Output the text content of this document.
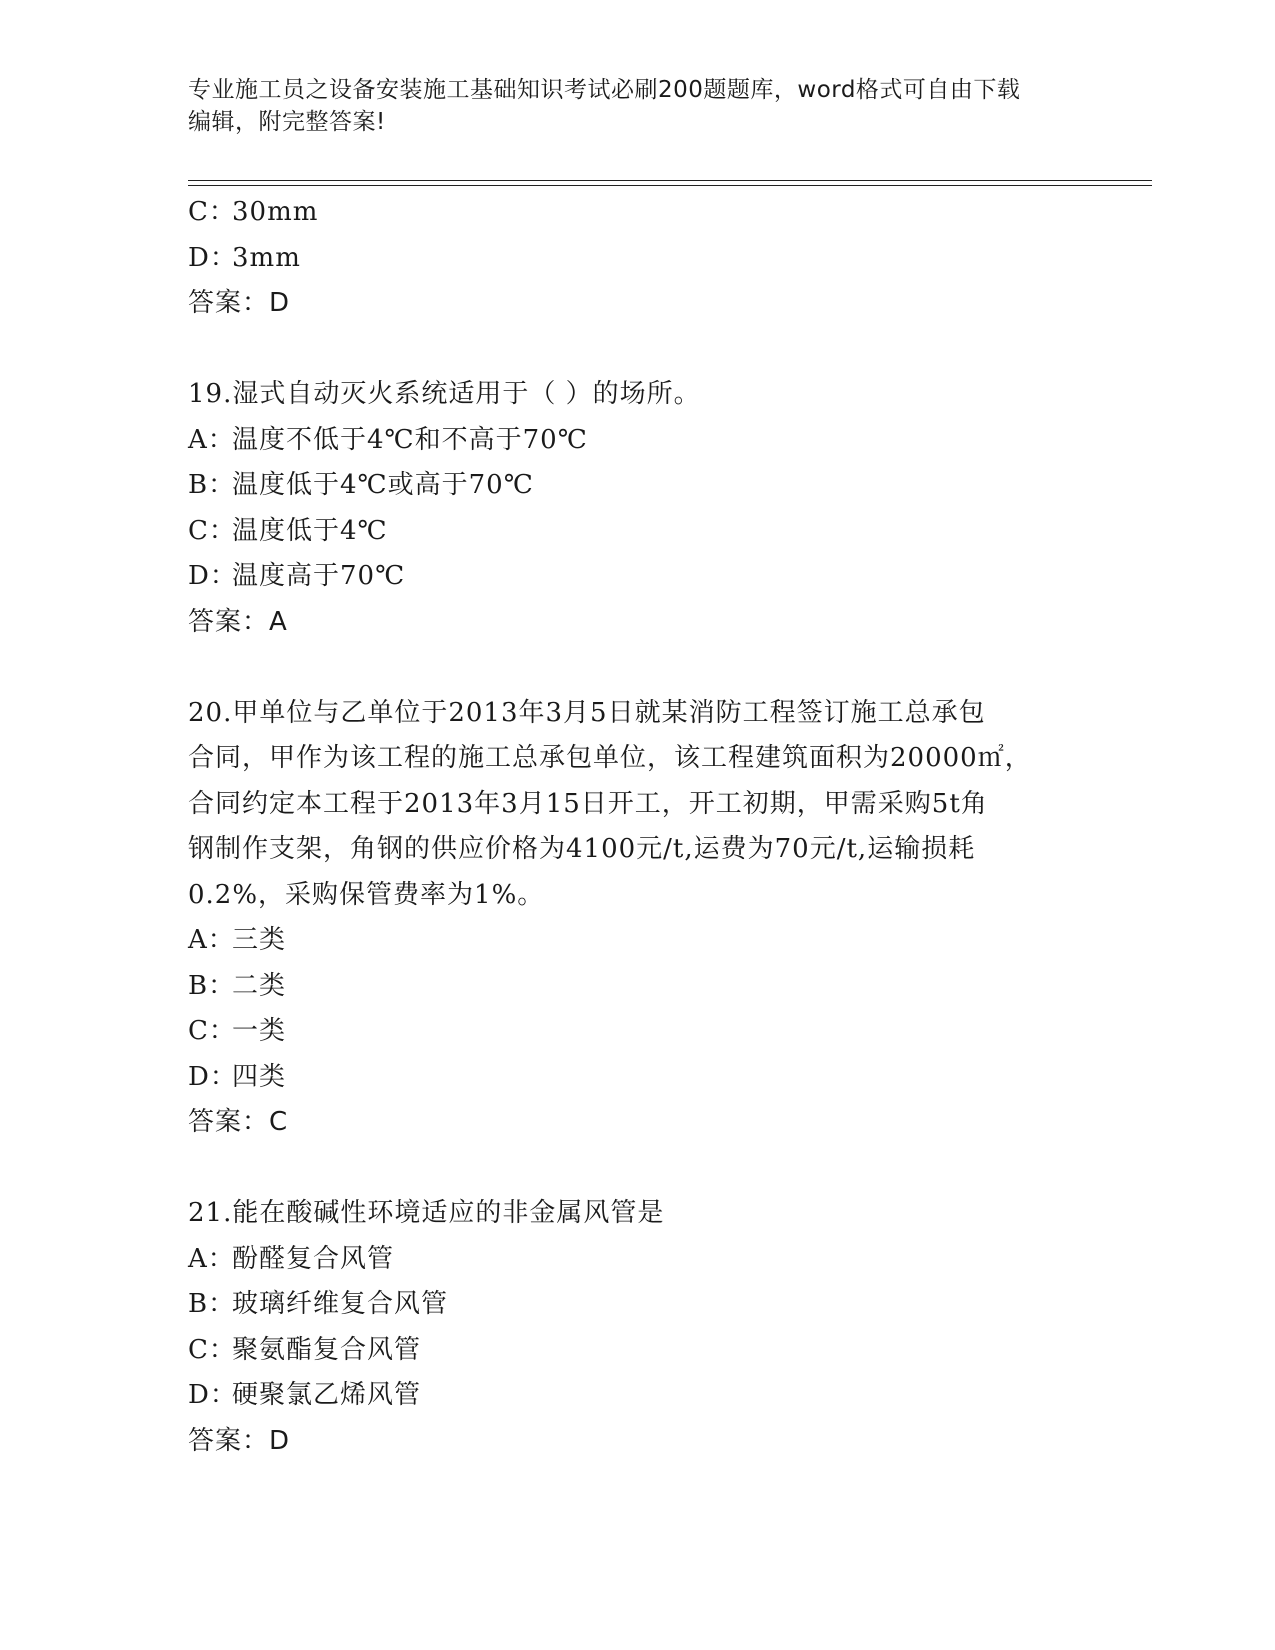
专业施工员之设备安装施工基础知识考试必刷200题题库，word格式可自由下载
编辑，附完整答案!
C：30mm
D：3mm
答案：D
19.湿式自动灭火系统适用于（ ）的场所。
A：温度不低于4℃和不高于70℃
B：温度低于4℃或高于70℃
C：温度低于4℃
D：温度高于70℃
答案：A
20.甲单位与乙单位于2013年3月5日就某消防工程签订施工总承包
合同，甲作为该工程的施工总承包单位，该工程建筑面积为20000㎡，
合同约定本工程于2013年3月15日开工，开工初期，甲需采购5t角
钢制作支架，角钢的供应价格为4100元/t,运费为70元/t,运输损耗
0.2%，采购保管费率为1%。
A：三类
B：二类
C：一类
D：四类
答案：C
21.能在酸碱性环境适应的非金属风管是
A：酚醛复合风管
B：玻璃纤维复合风管
C：聚氨酯复合风管
D：硬聚氯乙烯风管
答案：D
